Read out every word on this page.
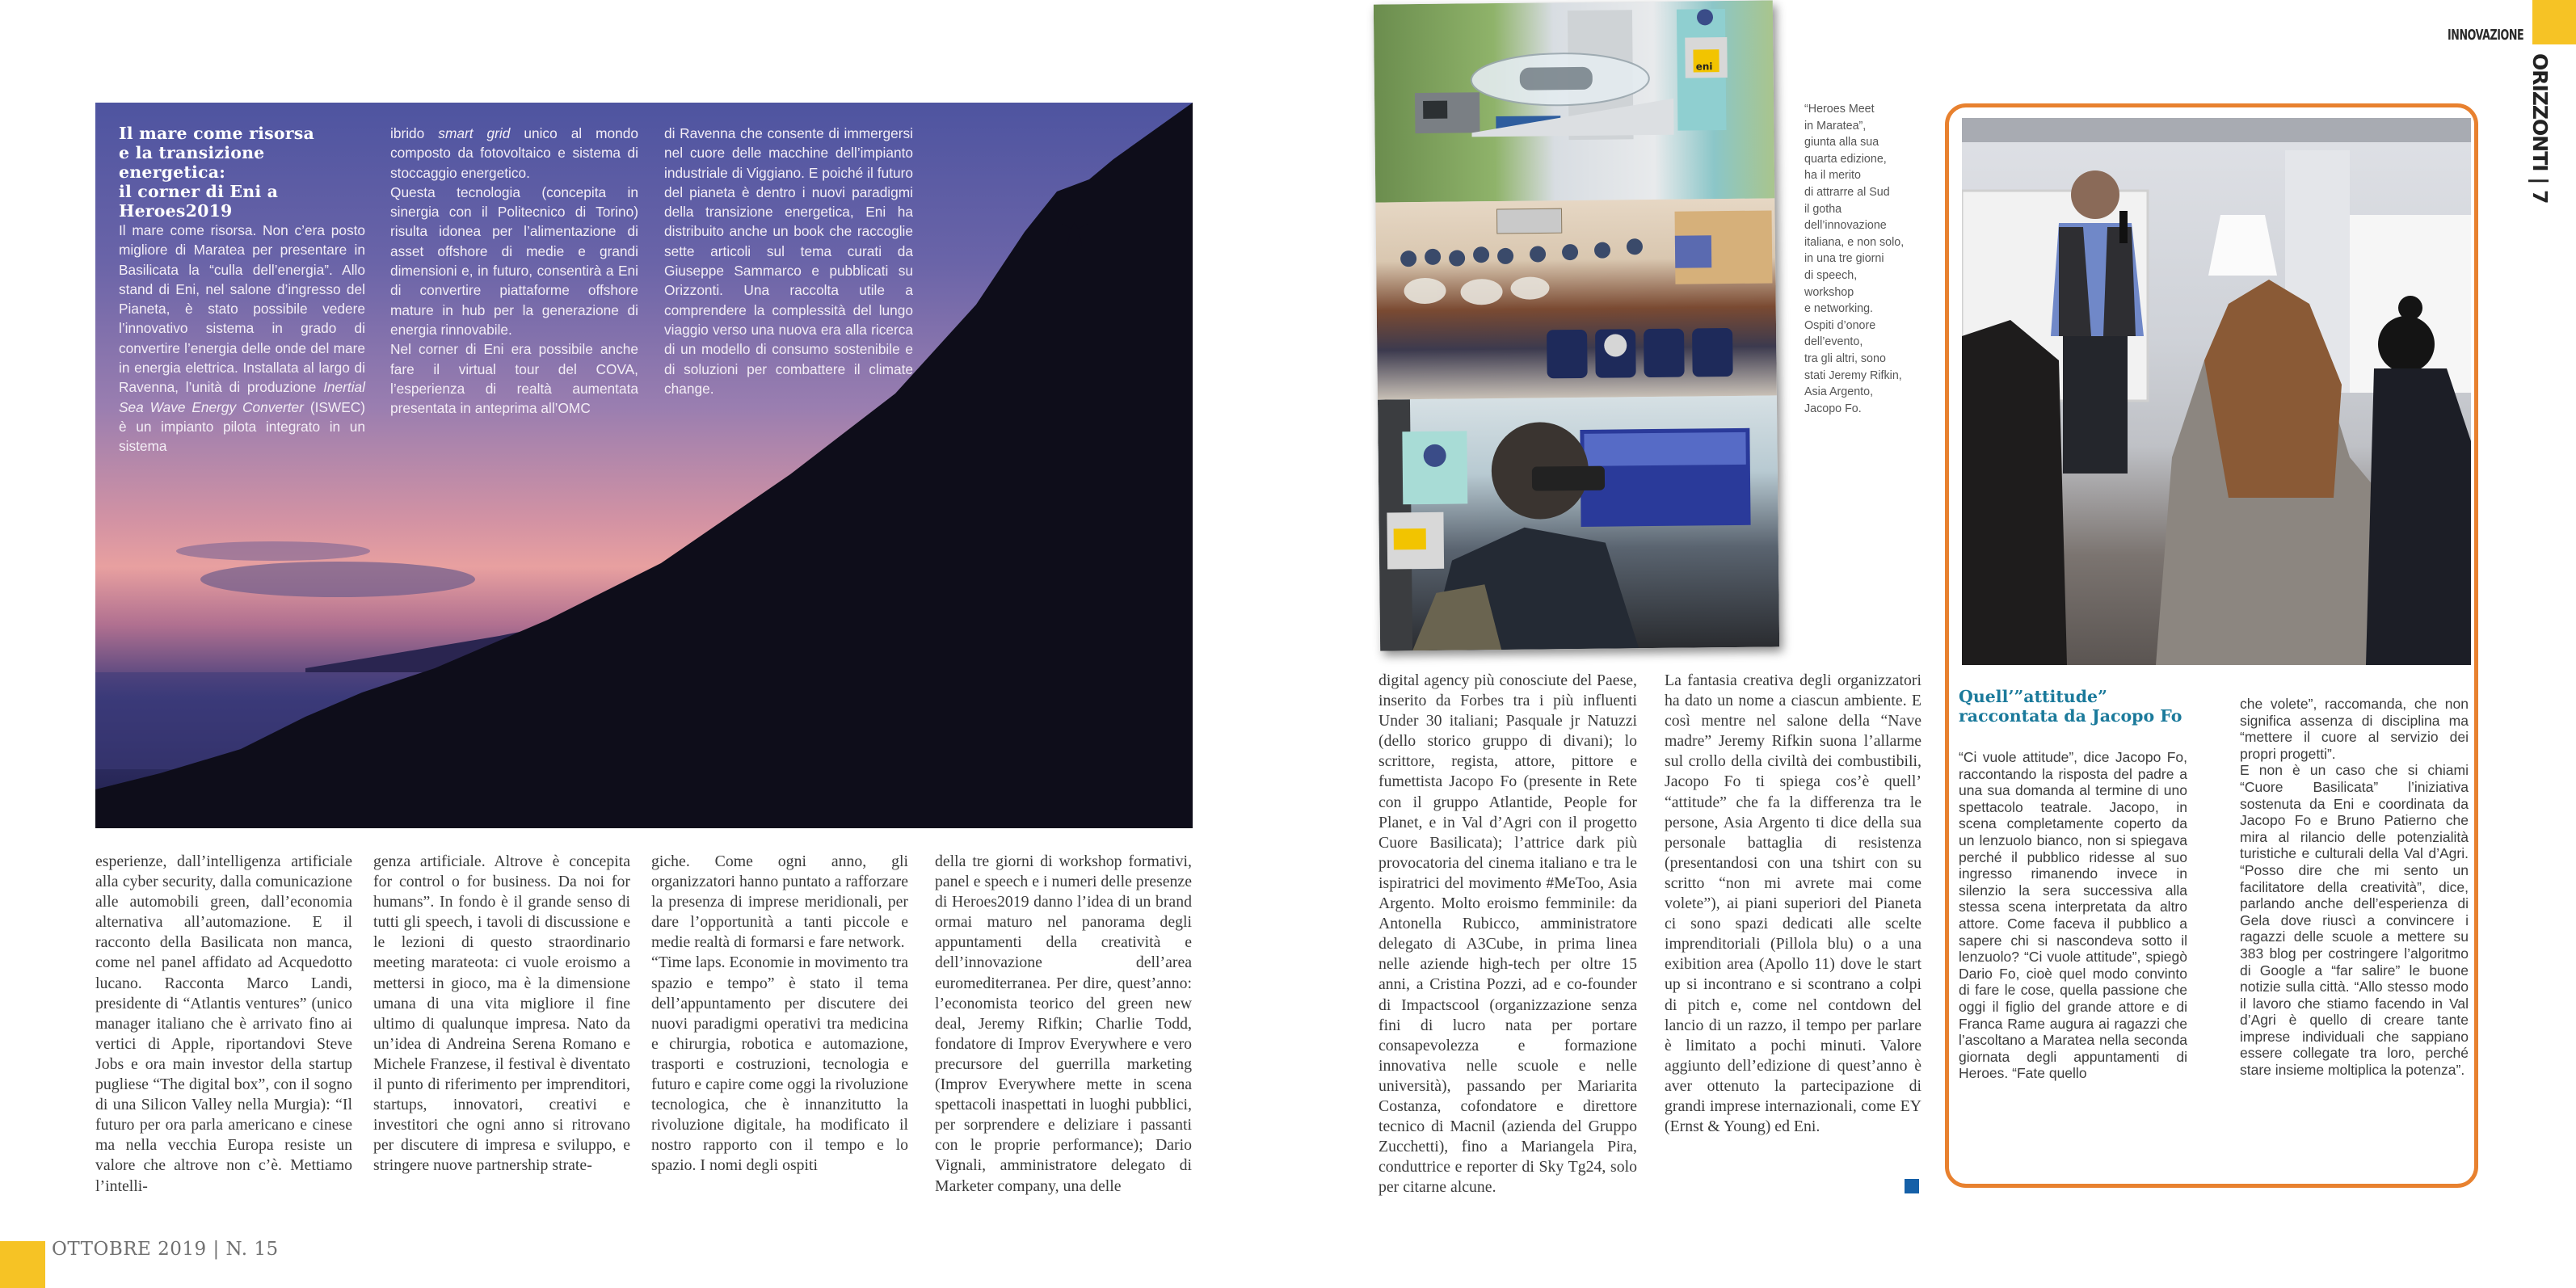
Il mare come risorsa
e la transizione energetica:
il corner di Eni a Heroes2019

Il mare come risorsa. Non c’era posto migliore di Maratea per presentare in Basilicata la “culla dell’energia”. Allo stand di Eni, nel salone d’ingresso del Pianeta, è stato possibile vedere l’innovativo sistema in grado di convertire l’energia delle onde del mare in energia elettrica. Installata al largo di Ravenna, l’unità di produzione Inertial Sea Wave Energy Converter (ISWEC) è un impianto pilota integrato in un sistema

ibrido smart grid unico al mondo composto da fotovoltaico e sistema di stoccaggio energetico.

Questa tecnologia (concepita in sinergia con il Politecnico di Torino) risulta idonea per l’alimentazione di asset offshore di medie e grandi dimensioni e, in futuro, consentirà a Eni di convertire piattaforme offshore mature in hub per la generazione di energia rinnovabile.

Nel corner di Eni era possibile anche fare il virtual tour del COVA, l’esperienza di realtà aumentata presentata in anteprima all’OMC

di Ravenna che consente di immergersi nel cuore delle macchine dell’impianto industriale di Viggiano. E poiché il futuro del pianeta è dentro i nuovi paradigmi della transizione energetica, Eni ha distribuito anche un book che raccoglie sette articoli sul tema curati da Giuseppe Sammarco e pubblicati su Orizzonti. Una raccolta utile a comprendere la complessità del lungo viaggio verso una nuova era alla ricerca di un modello di consumo sostenibile e di soluzioni per combattere il climate change.

esperienze, dall’intelligenza artificiale alla cyber security, dalla comunicazione alle automobili green, dall’economia alternativa all’automazione. E il racconto della Basilicata non manca, come nel panel affidato ad Acquedotto lucano. Racconta Marco Landi, presidente di “Atlantis ventures” (unico manager italiano che è arrivato fino ai vertici di Apple, riportandovi Steve Jobs e ora main investor della startup pugliese “The digital box”, con il sogno di una Silicon Valley nella Murgia): “Il futuro per ora parla americano e cinese ma nella vecchia Europa resiste un valore che altrove non c’è. Mettiamo l’intelli-

genza artificiale. Altrove è concepita for control o for business. Da noi for humans”. In fondo è il grande senso di tutti gli speech, i tavoli di discussione e le lezioni di questo straordinario meeting marateota: ci vuole eroismo a mettersi in gioco, ma è la dimensione umana di una vita migliore il fine ultimo di qualunque impresa. Nato da un’idea di Andreina Serena Romano e Michele Franzese, il festival è diventato il punto di riferimento per imprenditori, startups, innovatori, creativi e investitori che ogni anno si ritrovano per discutere di impresa e sviluppo, e stringere nuove partnership strate-

giche. Come ogni anno, gli organizzatori hanno puntato a rafforzare la presenza di imprese meridionali, per dare l’opportunità a tanti piccole e medie realtà di formarsi e fare network.

“Time laps. Economie in movimento tra spazio e tempo” è stato il tema dell’appuntamento per discutere dei nuovi paradigmi operativi tra medicina e chirurgia, robotica e automazione, trasporti e costruzioni, tecnologia e futuro e capire come oggi la rivoluzione tecnologica, che è innanzitutto la rivoluzione digitale, ha modificato il nostro rapporto con il tempo e lo spazio. I nomi degli ospiti

della tre giorni di workshop formativi, panel e speech e i numeri delle presenze di Heroes2019 danno l’idea di un brand ormai maturo nel panorama degli appuntamenti della creatività e dell’innovazione dell’area euromediterranea. Per dire, quest’anno: l’economista teorico del green new deal, Jeremy Rifkin; Charlie Todd, fondatore di Improv Everywhere e vero precursore del guerrilla marketing (Improv Everywhere mette in scena spettacoli inaspettati in luoghi pubblici, per sorprendere e deliziare i passanti con le proprie performance); Dario Vignali, amministratore delegato di Marketer company, una delle

OTTOBRE 2019 | N. 15
eni
“Heroes Meet
in Maratea”,
giunta alla sua
quarta edizione,
ha il merito
di attrarre al Sud
il gotha
dell’innovazione
italiana, e non solo,
in una tre giorni
di speech,
workshop
e networking.
Ospiti d’onore
dell’evento,
tra gli altri, sono
stati Jeremy Rifkin,
Asia Argento,
Jacopo Fo.

digital agency più conosciute del Paese, inserito da Forbes tra i più influenti Under 30 italiani; Pasquale jr Natuzzi (dello storico gruppo di divani); lo scrittore, regista, attore, pittore e fumettista Jacopo Fo (presente in Rete con il gruppo Atlantide, People for Planet, e in Val d’Agri con il progetto Cuore Basilicata); l’attrice dark più provocatoria del cinema italiano e tra le ispiratrici del movimento #MeToo, Asia Argento. Molto eroismo femminile: da Antonella Rubicco, amministratore delegato di A3Cube, in prima linea nelle aziende high-tech per oltre 15 anni, a Cristina Pozzi, ad e co-founder di Impactscool (organizzazione senza fini di lucro nata per portare consapevolezza e formazione innovativa nelle scuole e nelle università), passando per Mariarita Costanza, cofondatore e direttore tecnico di Macnil (azienda del Gruppo Zucchetti), fino a Mariangela Pira, conduttrice e reporter di Sky Tg24, solo per citarne alcune.

La fantasia creativa degli organizzatori ha dato un nome a ciascun ambiente. E così mentre nel salone della “Nave madre” Jeremy Rifkin suona l’allarme sul crollo della civiltà dei combustibili, Jacopo Fo ti spiega cos’è quell’ “attitude” che fa la differenza tra le persone, Asia Argento ti dice della sua personale battaglia di resistenza (presentandosi con una tshirt con su scritto “non mi avrete mai come volete”), ai piani superiori del Pianeta ci sono spazi dedicati alle scelte imprenditoriali (Pillola blu) o a una exibition area (Apollo 11) dove le start up si incontrano e si scontrano a colpi di pitch e, come nel contdown del lancio di un razzo, il tempo per parlare è limitato a pochi minuti. Valore aggiunto dell’edizione di quest’anno è aver ottenuto la partecipazione di grandi imprese internazionali, come EY (Ernst & Young) ed Eni.

Quell’”attitude”
raccontata da Jacopo Fo

“Ci vuole attitude”, dice Jacopo Fo, raccontando la risposta del padre a una sua domanda al termine di uno spettacolo teatrale. Jacopo, in scena completamente coperto da un lenzuolo bianco, non si spiegava perché il pubblico ridesse al suo ingresso rimanendo invece in silenzio la sera successiva alla stessa scena interpretata da altro attore. Come faceva il pubblico a sapere chi si nascondeva sotto il lenzuolo? “Ci vuole attitude”, spiegò Dario Fo, cioè quel modo convinto di fare le cose, quella passione che oggi il figlio del grande attore e di Franca Rame augura ai ragazzi che l’ascoltano a Maratea nella seconda giornata degli appuntamenti di Heroes. “Fate quello

che volete”, raccomanda, che non significa assenza di disciplina ma “mettere il cuore al servizio dei propri progetti”.

E non è un caso che si chiami “Cuore Basilicata” l’iniziativa sostenuta da Eni e coordinata da Jacopo Fo e Bruno Patierno che mira al rilancio delle potenzialità turistiche e culturali della Val d’Agri. “Posso dire che mi sento un facilitatore della creatività”, dice, parlando anche dell’esperienza di Gela dove riuscì a convincere i ragazzi delle scuole a mettere su 383 blog per costringere l’algoritmo di Google a “far salire” le buone notizie sulla città. “Allo stesso modo il lavoro che stiamo facendo in Val d’Agri è quello di creare tante imprese individuali che sappiano essere collegate tra loro, perché stare insieme moltiplica la potenza”.

INNOVAZIONE
ORIZZONTI | 7
